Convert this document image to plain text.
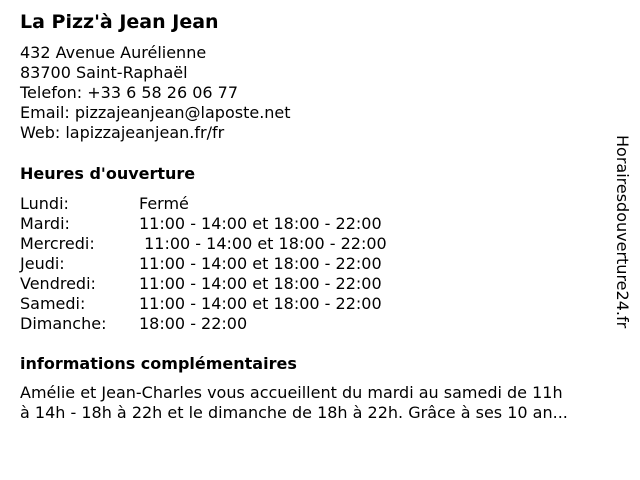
La Pizz'à Jean Jean
432 Avenue Aurélienne
83700 Saint-Raphaël
Telefon: +33 6 58 26 06 77
Email: pizzajeanjean@laposte.net
Web: lapizzajeanjean.fr/fr
Heures d'ouverture
Lundi:	Fermé
Mardi:	11:00 - 14:00 et 18:00 - 22:00
Mercredi:	11:00 - 14:00 et 18:00 - 22:00
Jeudi:	11:00 - 14:00 et 18:00 - 22:00
Vendredi:	11:00 - 14:00 et 18:00 - 22:00
Samedi:	11:00 - 14:00 et 18:00 - 22:00
Dimanche:	18:00 - 22:00
informations complémentaires
Amélie et Jean-Charles vous accueillent du mardi au samedi de 11h
à 14h - 18h à 22h et le dimanche de 18h à 22h. Grâce à ses 10 an...
Horairesdouverture24.fr
